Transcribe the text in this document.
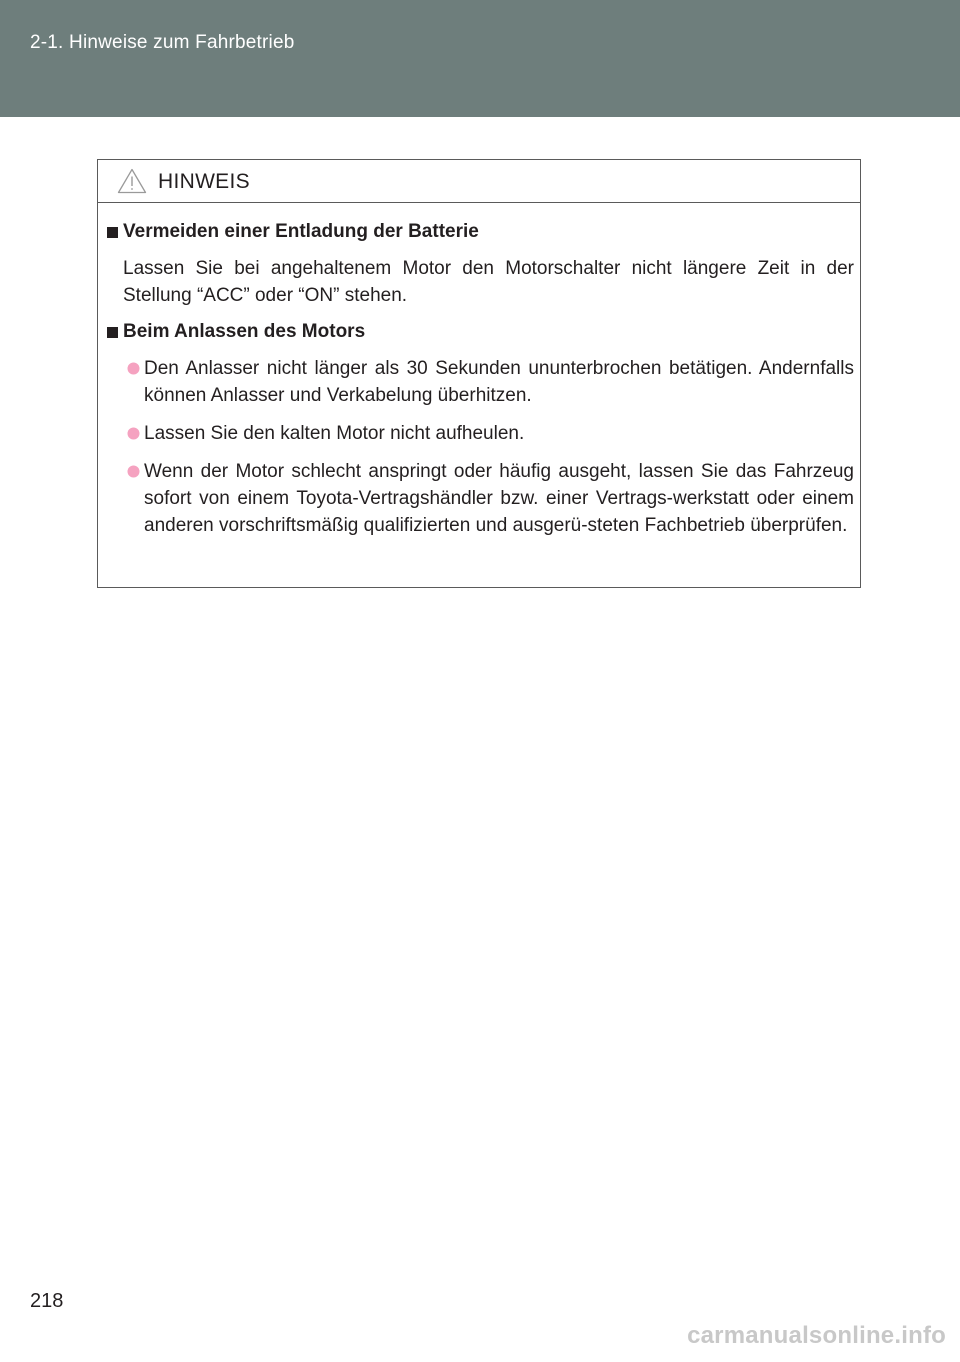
2-1. Hinweise zum Fahrbetrieb
HINWEIS
Vermeiden einer Entladung der Batterie
Lassen Sie bei angehaltenem Motor den Motorschalter nicht längere Zeit in der Stellung “ACC” oder “ON” stehen.
Beim Anlassen des Motors
Den Anlasser nicht länger als 30 Sekunden ununterbrochen betätigen. Andernfalls können Anlasser und Verkabelung überhitzen.
Lassen Sie den kalten Motor nicht aufheulen.
Wenn der Motor schlecht anspringt oder häufig ausgeht, lassen Sie das Fahrzeug sofort von einem Toyota-Vertragshändler bzw. einer Vertrags-werkstatt oder einem anderen vorschriftsmäßig qualifizierten und ausgerü-steten Fachbetrieb überprüfen.
218
carmanualsonline.info
